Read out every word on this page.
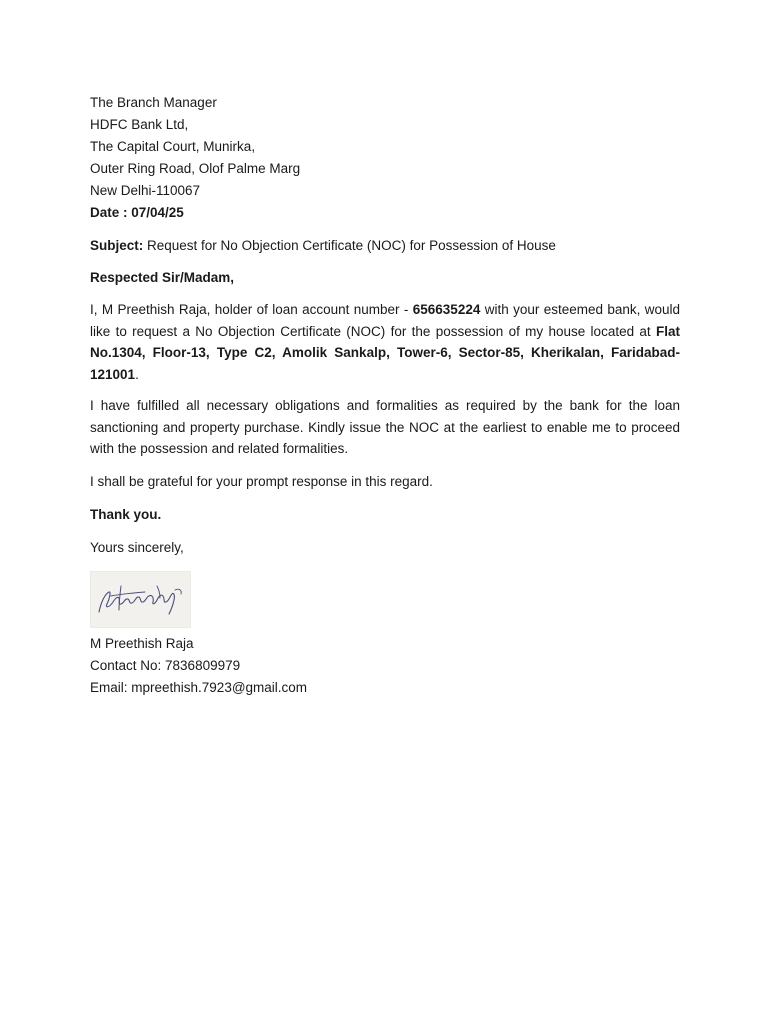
The Branch Manager
HDFC Bank Ltd,
The Capital Court, Munirka,
Outer Ring Road, Olof Palme Marg
New Delhi-110067
Date : 07/04/25
Subject: Request for No Objection Certificate (NOC) for Possession of House
Respected Sir/Madam,
I, M Preethish Raja, holder of loan account number - 656635224 with your esteemed bank, would like to request a No Objection Certificate (NOC) for the possession of my house located at Flat No.1304, Floor-13, Type C2, Amolik Sankalp, Tower-6, Sector-85, Kherikalan, Faridabad-121001.
I have fulfilled all necessary obligations and formalities as required by the bank for the loan sanctioning and property purchase. Kindly issue the NOC at the earliest to enable me to proceed with the possession and related formalities.
I shall be grateful for your prompt response in this regard.
Thank you.
Yours sincerely,
M Preethish Raja
Contact No: 7836809979
Email: mpreethish.7923@gmail.com
